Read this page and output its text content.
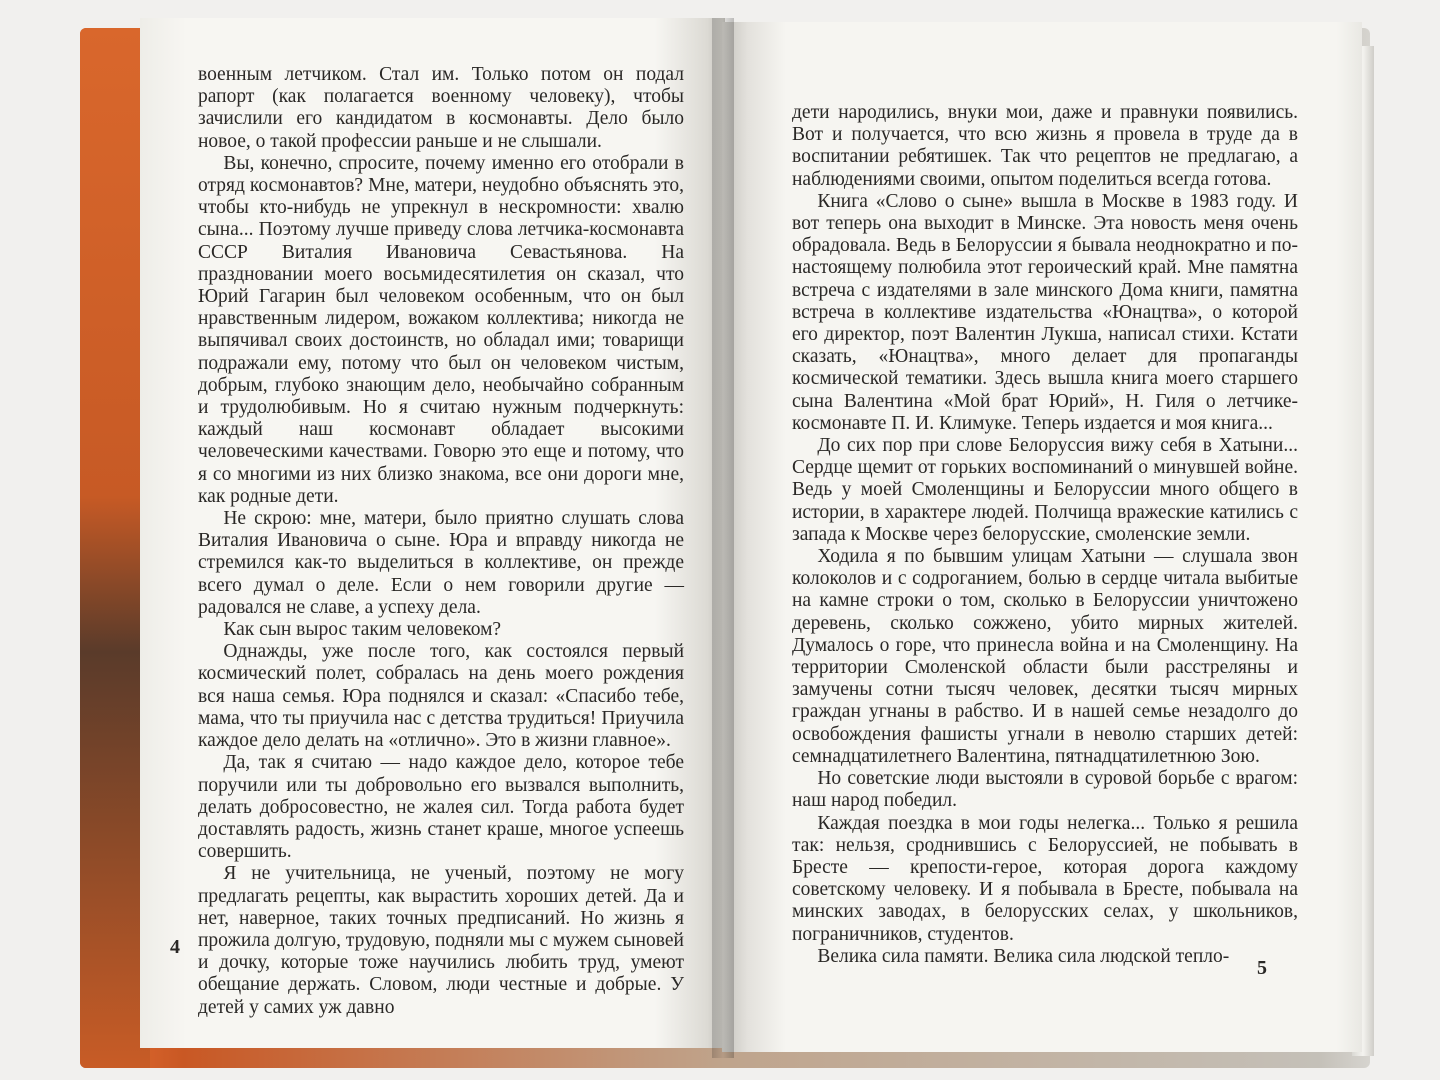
военным летчиком. Стал им. Только потом он подал рапорт (как полагается военному человеку), чтобы зачислили его кандидатом в космонавты. Дело было новое, о такой профессии раньше и не слышали.

Вы, конечно, спросите, почему именно его отобрали в отряд космонавтов? Мне, матери, неудобно объяснять это, чтобы кто-нибудь не упрекнул в нескромности: хвалю сына... Поэтому лучше приведу слова летчика-космонавта СССР Виталия Ивановича Севастьянова. На праздновании моего восьмидесятилетия он сказал, что Юрий Гагарин был человеком особенным, что он был нравственным лидером, вожаком коллектива; никогда не выпячивал своих достоинств, но обладал ими; товарищи подражали ему, потому что был он человеком чистым, добрым, глубоко знающим дело, необычайно собранным и трудолюбивым. Но я считаю нужным подчеркнуть: каждый наш космонавт обладает высокими человеческими качествами. Говорю это еще и потому, что я со многими из них близко знакома, все они дороги мне, как родные дети.

Не скрою: мне, матери, было приятно слушать слова Виталия Ивановича о сыне. Юра и вправду никогда не стремился как-то выделиться в коллективе, он прежде всего думал о деле. Если о нем говорили другие — радовался не славе, а успеху дела.

Как сын вырос таким человеком?

Однажды, уже после того, как состоялся первый космический полет, собралась на день моего рождения вся наша семья. Юра поднялся и сказал: «Спасибо тебе, мама, что ты приучила нас с детства трудиться! Приучила каждое дело делать на «отлично». Это в жизни главное».

Да, так я считаю — надо каждое дело, которое тебе поручили или ты добровольно его вызвался выполнить, делать добросовестно, не жалея сил. Тогда работа будет доставлять радость, жизнь станет краше, многое успеешь совершить.

Я не учительница, не ученый, поэтому не могу предлагать рецепты, как вырастить хороших детей. Да и нет, наверное, таких точных предписаний. Но жизнь я прожила долгую, трудовую, подняли мы с мужем сыновей и дочку, которые тоже научились любить труд, умеют обещание держать. Словом, люди честные и добрые. У детей у самих уж давно

4

дети народились, внуки мои, даже и правнуки появились. Вот и получается, что всю жизнь я провела в труде да в воспитании ребятишек. Так что рецептов не предлагаю, а наблюдениями своими, опытом поделиться всегда готова.

Книга «Слово о сыне» вышла в Москве в 1983 году. И вот теперь она выходит в Минске. Эта новость меня очень обрадовала. Ведь в Белоруссии я бывала неоднократно и по-настоящему полюбила этот героический край. Мне памятна встреча с издателями в зале минского Дома книги, памятна встреча в коллективе издательства «Юнацтва», о которой его директор, поэт Валентин Лукша, написал стихи. Кстати сказать, «Юнацтва», много делает для пропаганды космической тематики. Здесь вышла книга моего старшего сына Валентина «Мой брат Юрий», Н. Гиля о летчике-космонавте П. И. Климуке. Теперь издается и моя книга...

До сих пор при слове Белоруссия вижу себя в Хатыни... Сердце щемит от горьких воспоминаний о минувшей войне. Ведь у моей Смоленщины и Белоруссии много общего в истории, в характере людей. Полчища вражеские катились с запада к Москве через белорусские, смоленские земли.

Ходила я по бывшим улицам Хатыни — слушала звон колоколов и с содроганием, болью в сердце читала выбитые на камне строки о том, сколько в Белоруссии уничтожено деревень, сколько сожжено, убито мирных жителей. Думалось о горе, что принесла война и на Смоленщину. На территории Смоленской области были расстреляны и замучены сотни тысяч человек, десятки тысяч мирных граждан угнаны в рабство. И в нашей семье незадолго до освобождения фашисты угнали в неволю старших детей: семнадцатилетнего Валентина, пятнадцатилетнюю Зою.

Но советские люди выстояли в суровой борьбе с врагом: наш народ победил.

Каждая поездка в мои годы нелегка... Только я решила так: нельзя, сроднившись с Белоруссией, не побывать в Бресте — крепости-герое, которая дорога каждому советскому человеку. И я побывала в Бресте, побывала на минских заводах, в белорусских селах, у школьников, пограничников, студентов.

Велика сила памяти. Велика сила людской тепло-

5
